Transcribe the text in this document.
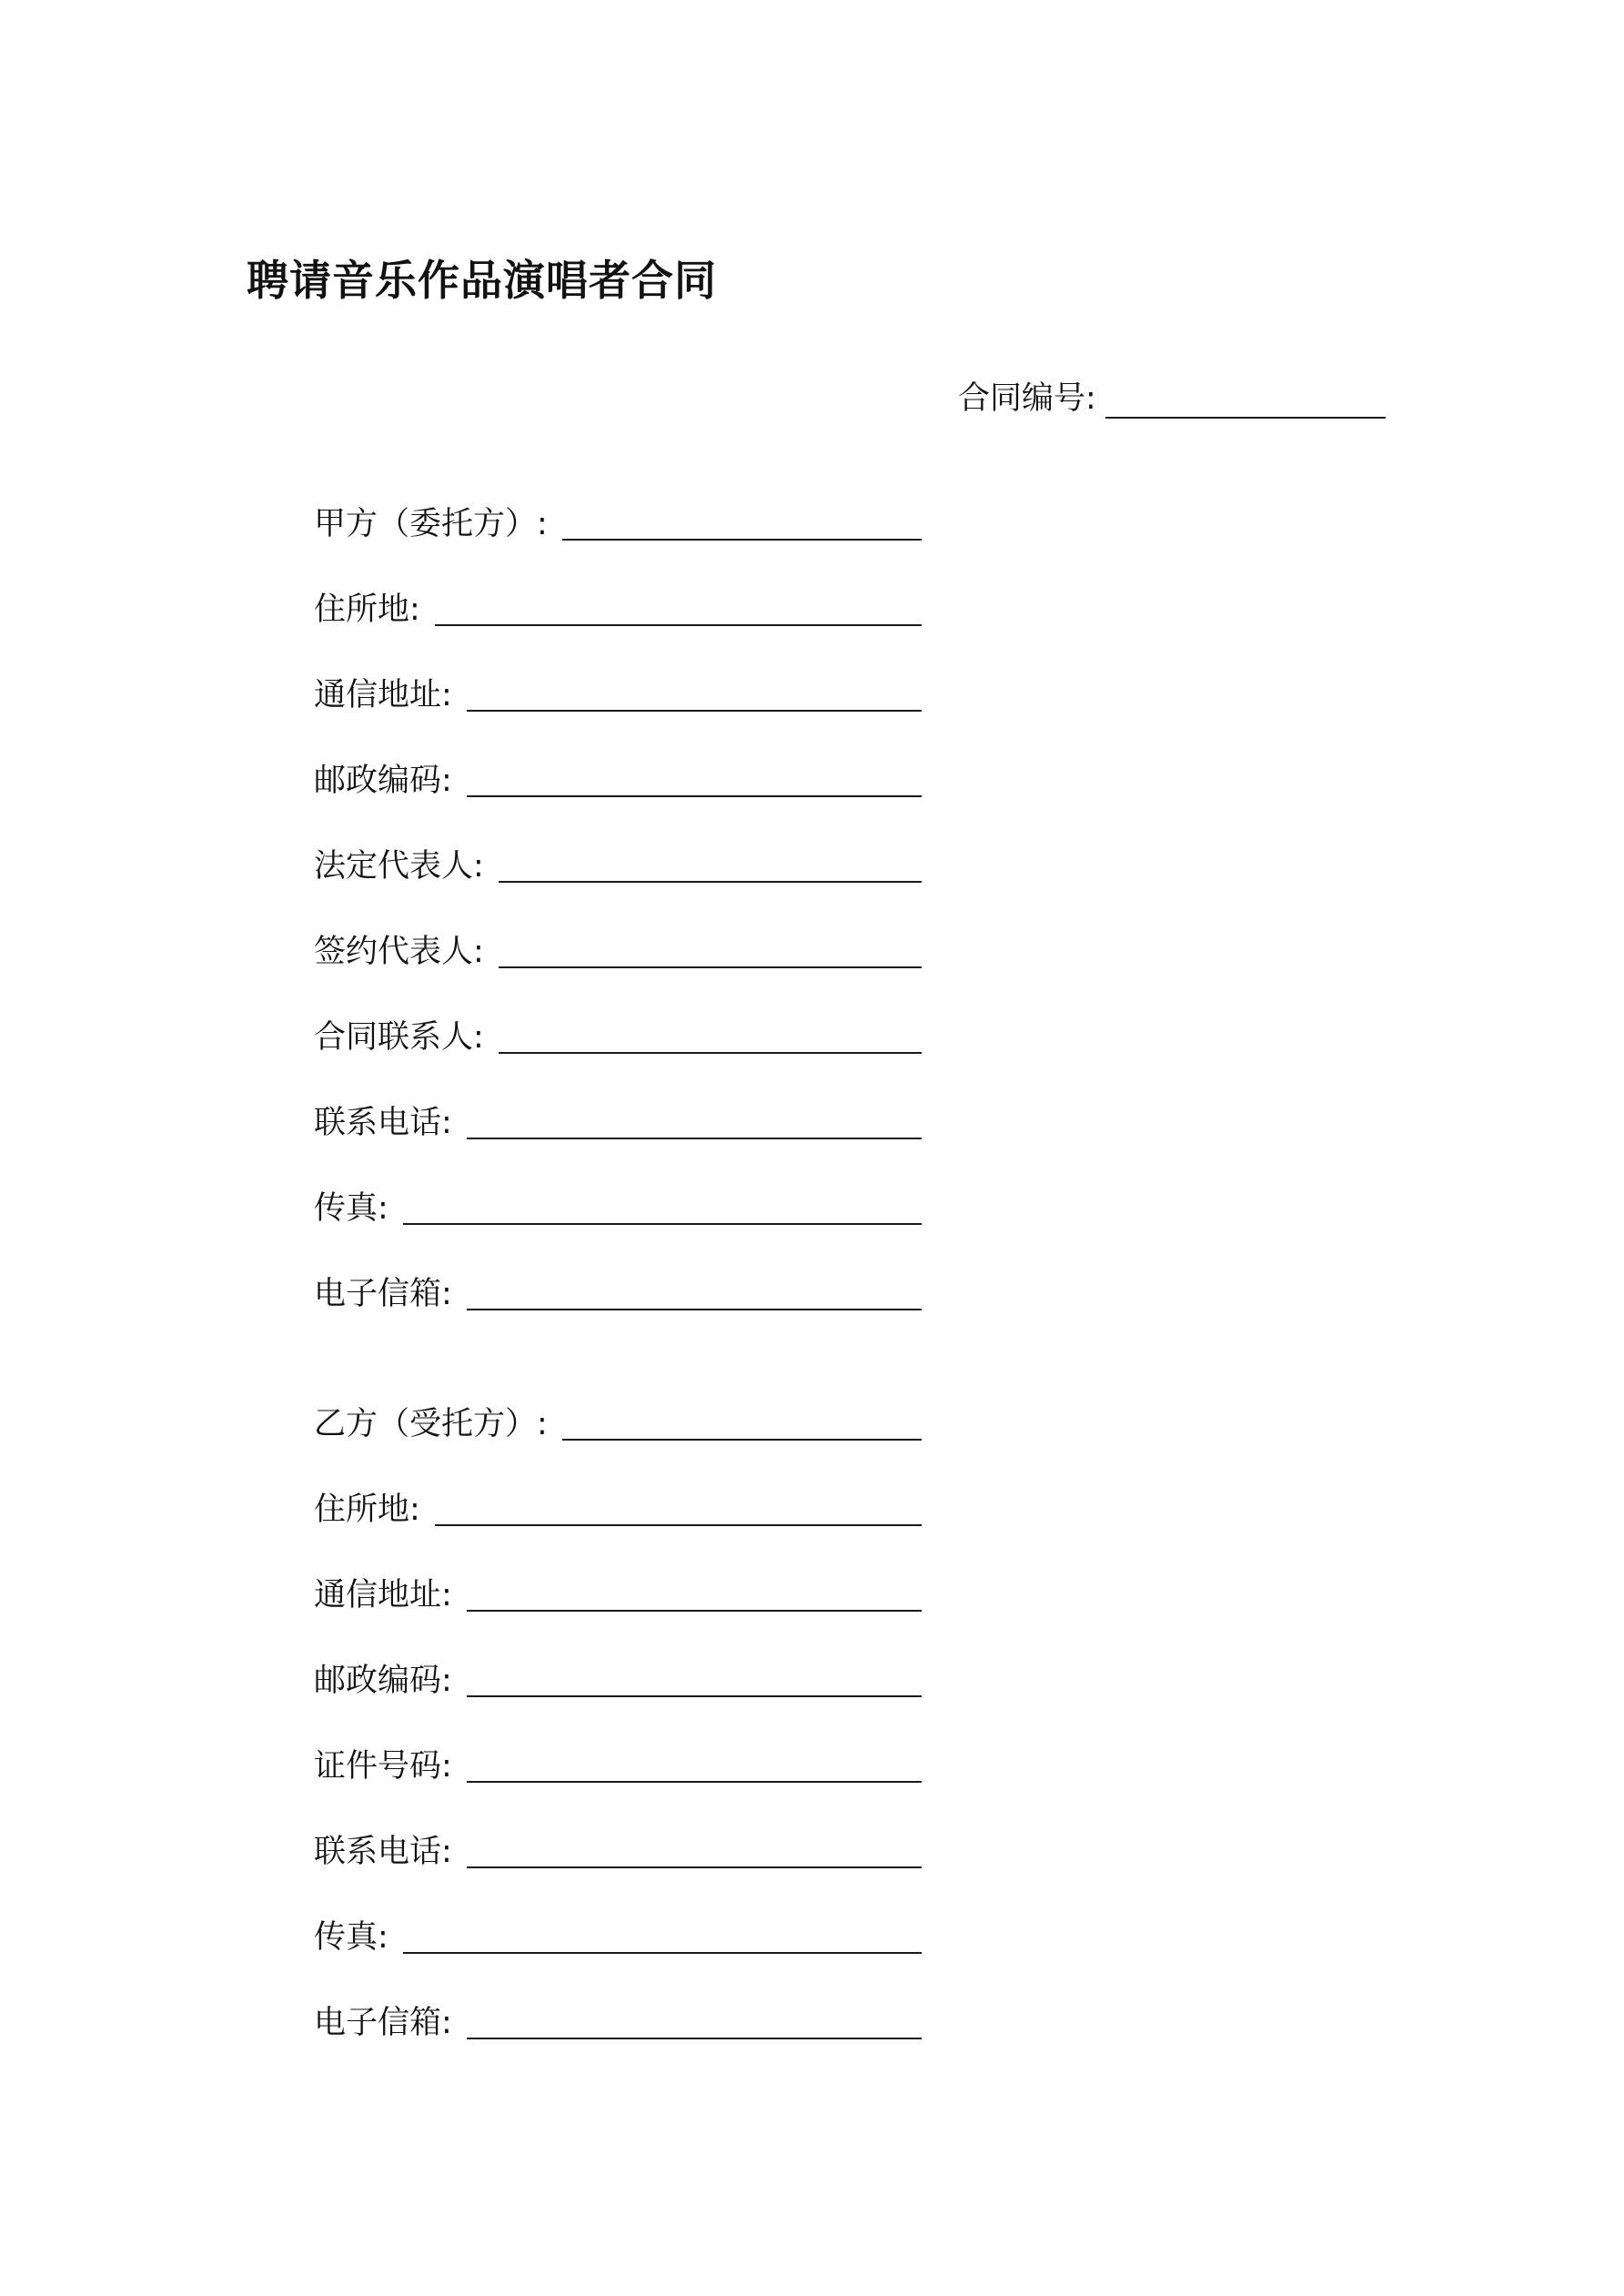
聘请音乐作品演唱者合同
合同编号:
甲方（委托方）:
住所地:
通信地址:
邮政编码:
法定代表人:
签约代表人:
合同联系人:
联系电话:
传真:
电子信箱:
乙方（受托方）:
住所地:
通信地址:
邮政编码:
证件号码:
联系电话:
传真:
电子信箱:
